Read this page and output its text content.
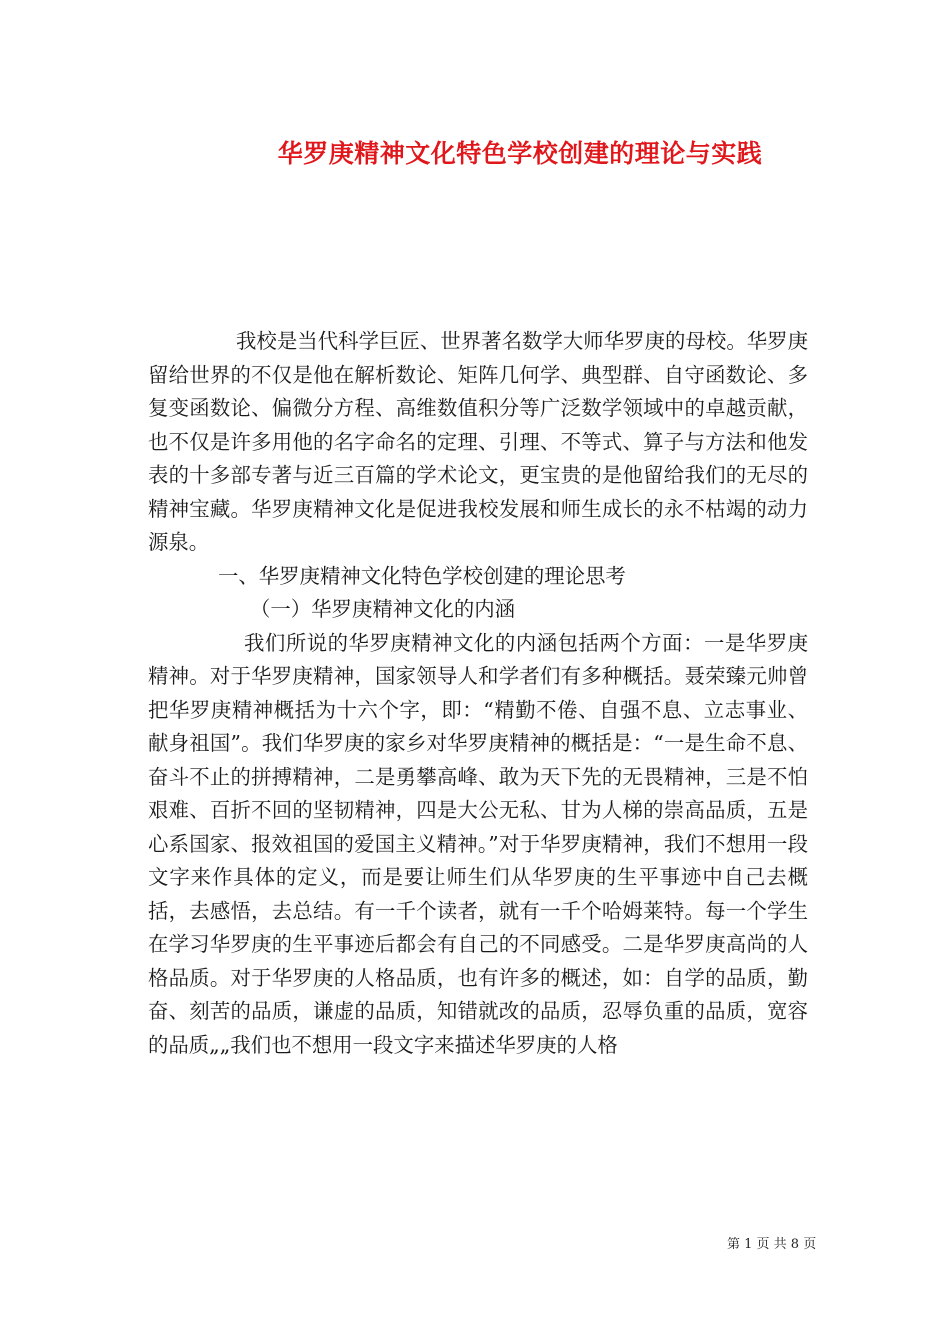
华罗庚精神文化特色学校创建的理论与实践

我校是当代科学巨匠、世界著名数学大师华罗庚的母校。华罗庚留给世界的不仅是他在解析数论、矩阵几何学、典型群、自守函数论、多复变函数论、偏微分方程、高维数值积分等广泛数学领域中的卓越贡献，也不仅是许多用他的名字命名的定理、引理、不等式、算子与方法和他发表的十多部专著与近三百篇的学术论文，更宝贵的是他留给我们的无尽的精神宝藏。华罗庚精神文化是促进我校发展和师生成长的永不枯竭的动力源泉。

一、华罗庚精神文化特色学校创建的理论思考

（一）华罗庚精神文化的内涵

我们所说的华罗庚精神文化的内涵包括两个方面：一是华罗庚精神。对于华罗庚精神，国家领导人和学者们有多种概括。聂荣臻元帅曾把华罗庚精神概括为十六个字，即：“精勤不倦、自强不息、立志事业、献身祖国”。我们华罗庚的家乡对华罗庚精神的概括是：“一是生命不息、奋斗不止的拼搏精神，二是勇攀高峰、敢为天下先的无畏精神，三是不怕艰难、百折不回的坚韧精神，四是大公无私、甘为人梯的崇高品质，五是心系国家、报效祖国的爱国主义精神。”对于华罗庚精神，我们不想用一段文字来作具体的定义，而是要让师生们从华罗庚的生平事迹中自己去概括，去感悟，去总结。有一千个读者，就有一千个哈姆莱特。每一个学生在学习华罗庚的生平事迹后都会有自己的不同感受。二是华罗庚高尚的人格品质。对于华罗庚的人格品质，也有许多的概述，如：自学的品质，勤奋、刻苦的品质，谦虚的品质，知错就改的品质，忍辱负重的品质，宽容的品质„„我们也不想用一段文字来描述华罗庚的人格

第 1 页 共 8 页
